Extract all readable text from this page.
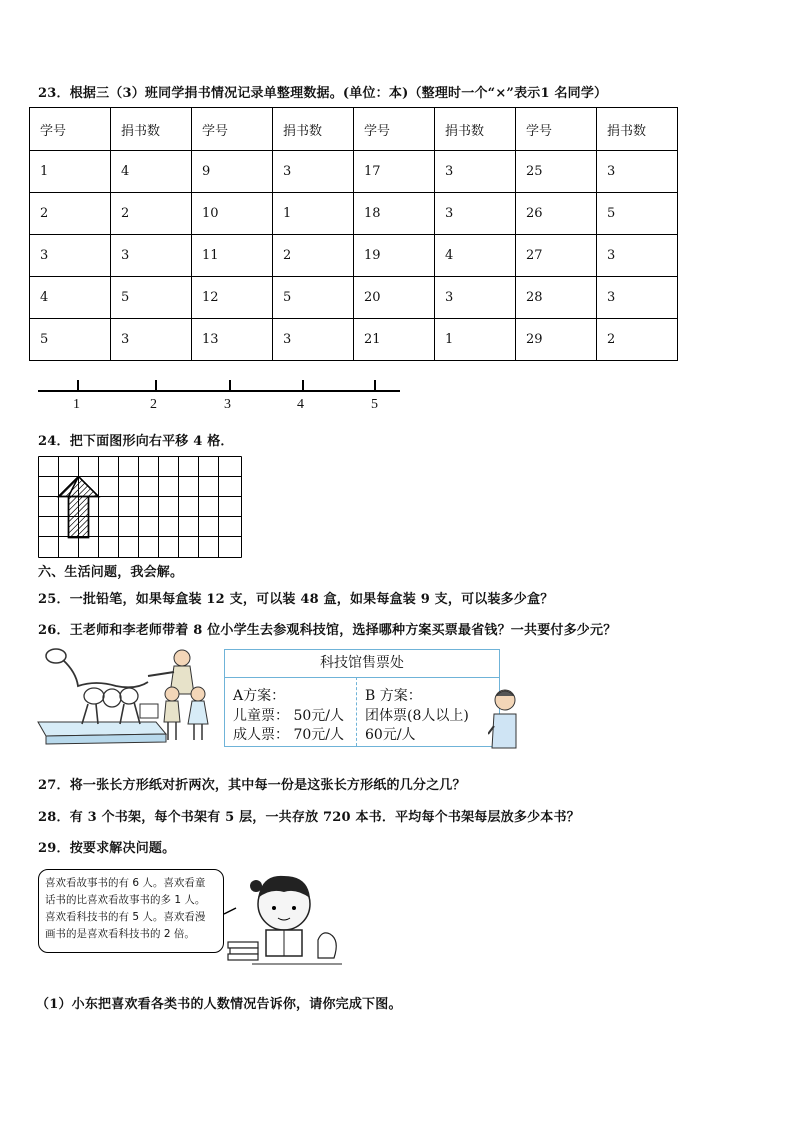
23．根据三（3）班同学捐书情况记录单整理数据。(单位：本)（整理时一个“×”表示1 名同学）
学号	捐书数	学号	捐书数	学号	捐书数	学号	捐书数
1	4	9	3	17	3	25	3
2	2	10	1	18	3	26	5
3	3	11	2	19	4	27	3
4	5	12	5	20	3	28	3
5	3	13	3	21	1	29	2
1	2	3	4	5
24．把下面图形向右平移 4 格．
六、生活问题，我会解。
25．一批铅笔，如果每盒装 12 支，可以装 48 盒，如果每盒装 9 支，可以装多少盒？
26．王老师和李老师带着 8 位小学生去参观科技馆，选择哪种方案买票最省钱？一共要付多少元？
科技馆售票处
A方案：
儿童票： 50元/人
成人票： 70元/人
B 方案：
团体票(8人以上)
60元/人
27．将一张长方形纸对折两次，其中每一份是这张长方形纸的几分之几？
28．有 3 个书架，每个书架有 5 层，一共存放 720 本书．平均每个书架每层放多少本书？
29．按要求解决问题。
喜欢看故事书的有 6 人。喜欢看童
话书的比喜欢看故事书的多 1 人。
喜欢看科技书的有 5 人。喜欢看漫
画书的是喜欢看科技书的 2 倍。
（1）小东把喜欢看各类书的人数情况告诉你，请你完成下图。
